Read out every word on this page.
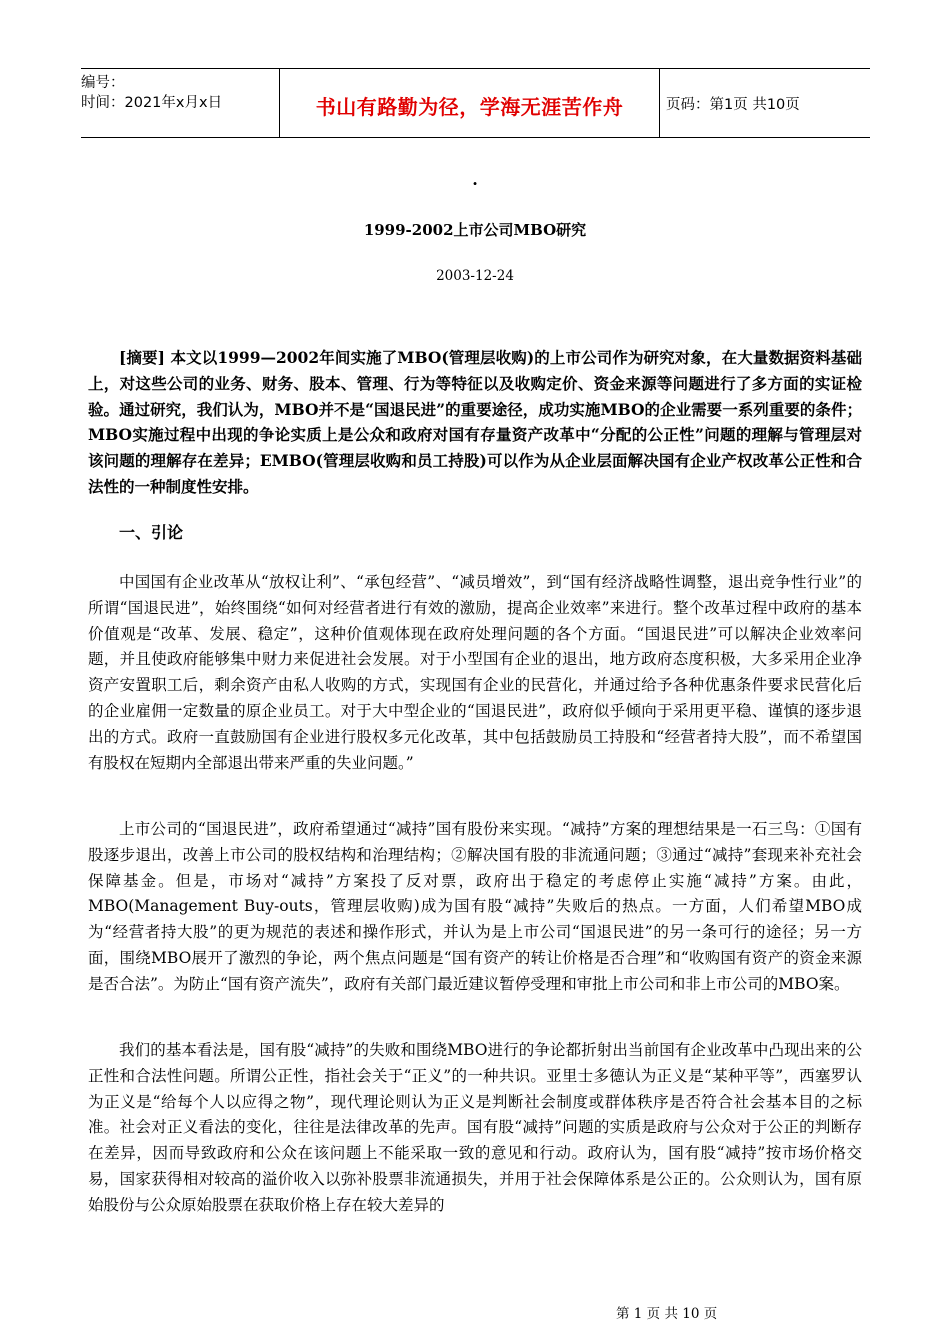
编号：
时间：2021年x月x日	书山有路勤为径，学海无涯苦作舟	页码：第1页 共10页
.
1999-2002上市公司MBO研究
2003-12-24

[摘要] 本文以1999—2002年间实施了MBO(管理层收购)的上市公司作为研究对象，在大量数据资料基础上，对这些公司的业务、财务、股本、管理、行为等特征以及收购定价、资金来源等问题进行了多方面的实证检验。通过研究，我们认为，MBO并不是“国退民进”的重要途径，成功实施MBO的企业需要一系列重要的条件；MBO实施过程中出现的争论实质上是公众和政府对国有存量资产改革中“分配的公正性”问题的理解与管理层对该问题的理解存在差异；EMBO(管理层收购和员工持股)可以作为从企业层面解决国有企业产权改革公正性和合法性的一种制度性安排。

一、引论

中国国有企业改革从“放权让利”、“承包经营”、“减员增效”，到“国有经济战略性调整，退出竞争性行业”的所谓“国退民进”，始终围绕“如何对经营者进行有效的激励，提高企业效率”来进行。整个改革过程中政府的基本价值观是“改革、发展、稳定”，这种价值观体现在政府处理问题的各个方面。“国退民进”可以解决企业效率问题，并且使政府能够集中财力来促进社会发展。对于小型国有企业的退出，地方政府态度积极，大多采用企业净资产安置职工后，剩余资产由私人收购的方式，实现国有企业的民营化，并通过给予各种优惠条件要求民营化后的企业雇佣一定数量的原企业员工。对于大中型企业的“国退民进”，政府似乎倾向于采用更平稳、谨慎的逐步退出的方式。政府一直鼓励国有企业进行股权多元化改革，其中包括鼓励员工持股和“经营者持大股”，而不希望国有股权在短期内全部退出带来严重的失业问题。”

上市公司的“国退民进”，政府希望通过“减持”国有股份来实现。“减持”方案的理想结果是一石三鸟：①国有股逐步退出，改善上市公司的股权结构和治理结构；②解决国有股的非流通问题；③通过“减持”套现来补充社会保障基金。但是，市场对“减持”方案投了反对票，政府出于稳定的考虑停止实施“减持”方案。由此，MBO(Management Buy-outs，管理层收购)成为国有股“减持”失败后的热点。一方面，人们希望MBO成为“经营者持大股”的更为规范的表述和操作形式，并认为是上市公司“国退民进”的另一条可行的途径；另一方面，围绕MBO展开了激烈的争论，两个焦点问题是“国有资产的转让价格是否合理”和“收购国有资产的资金来源是否合法”。为防止“国有资产流失”，政府有关部门最近建议暂停受理和审批上市公司和非上市公司的MBO案。

我们的基本看法是，国有股“减持”的失败和围绕MBO进行的争论都折射出当前国有企业改革中凸现出来的公正性和合法性问题。所谓公正性，指社会关于“正义”的一种共识。亚里士多德认为正义是“某种平等”，西塞罗认为正义是“给每个人以应得之物”，现代理论则认为正义是判断社会制度或群体秩序是否符合社会基本目的之标准。社会对正义看法的变化，往往是法律改革的先声。国有股“减持”问题的实质是政府与公众对于公正的判断存在差异，因而导致政府和公众在该问题上不能采取一致的意见和行动。政府认为，国有股“减持”按市场价格交易，国家获得相对较高的溢价收入以弥补股票非流通损失，并用于社会保障体系是公正的。公众则认为，国有原始股份与公众原始股票在获取价格上存在较大差异的

第 1 页 共 10 页
